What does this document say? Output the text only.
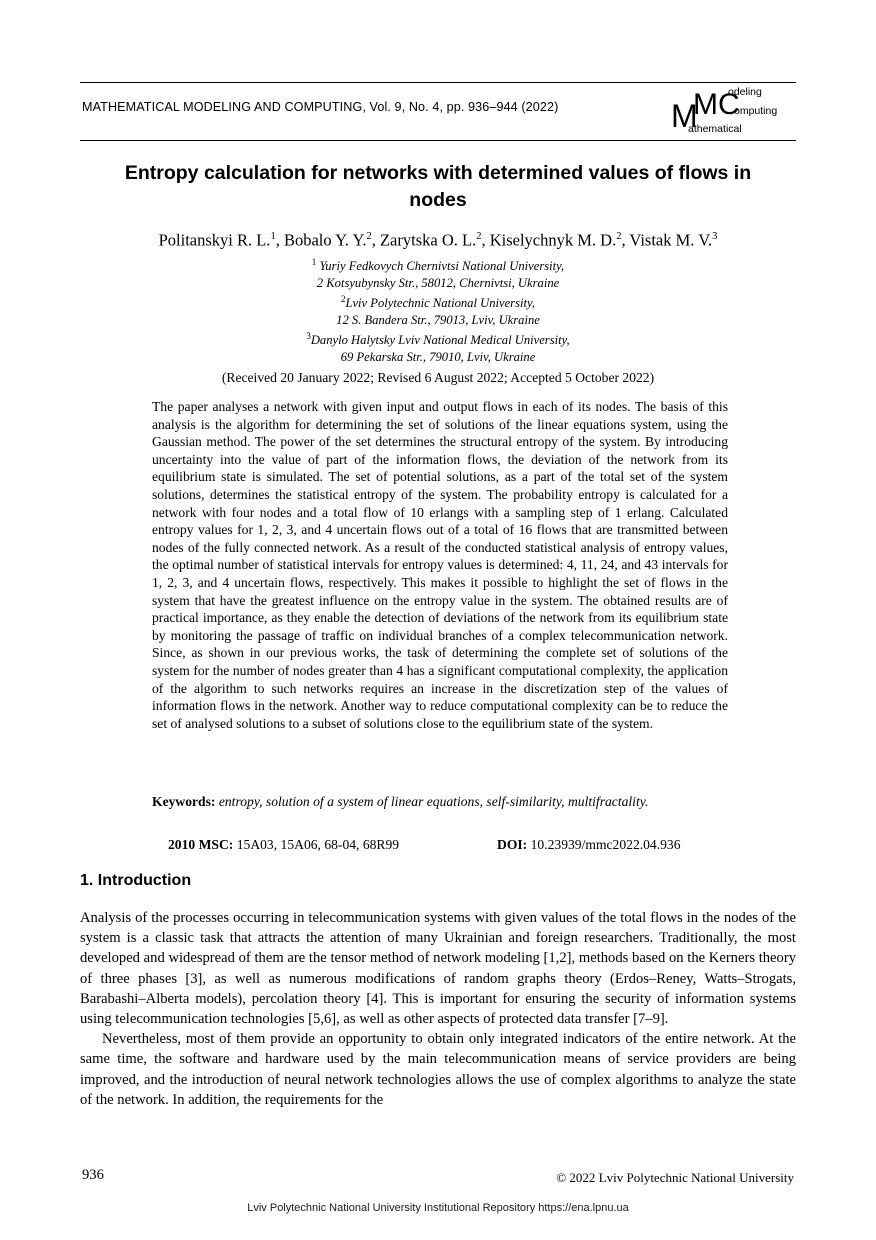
MATHEMATICAL MODELING AND COMPUTING, Vol. 9, No. 4, pp. 936–944 (2022)	M
MC
odeling
omputing
athematical
Entropy calculation for networks with determined values of flows in nodes
Politanskyi R. L.$^1$, Bobalo Y. Y.$^2$, Zarytska O. L.$^2$, Kiselychnyk M. D.$^2$, Vistak M. V.$^3$
$^1$ Yuriy Fedkovych Chernivtsi National University,
2 Kotsyubynsky Str., 58012, Chernivtsi, Ukraine
$^2$Lviv Polytechnic National University,
12 S. Bandera Str., 79013, Lviv, Ukraine
$^3$Danylo Halytsky Lviv National Medical University,
69 Pekarska Str., 79010, Lviv, Ukraine
(Received 20 January 2022; Revised 6 August 2022; Accepted 5 October 2022)
The paper analyses a network with given input and output flows in each of its nodes. The basis of this analysis is the algorithm for determining the set of solutions of the linear equations system, using the Gaussian method. The power of the set determines the structural entropy of the system. By introducing uncertainty into the value of part of the information flows, the deviation of the network from its equilibrium state is simulated. The set of potential solutions, as a part of the total set of the system solutions, determines the statistical entropy of the system. The probability entropy is calculated for a network with four nodes and a total flow of 10 erlangs with a sampling step of 1 erlang. Calculated entropy values for 1, 2, 3, and 4 uncertain flows out of a total of 16 flows that are transmitted between nodes of the fully connected network. As a result of the conducted statistical analysis of entropy values, the optimal number of statistical intervals for entropy values is determined: 4, 11, 24, and 43 intervals for 1, 2, 3, and 4 uncertain flows, respectively. This makes it possible to highlight the set of flows in the system that have the greatest influence on the entropy value in the system. The obtained results are of practical importance, as they enable the detection of deviations of the network from its equilibrium state by monitoring the passage of traffic on individual branches of a complex telecommunication network. Since, as shown in our previous works, the task of determining the complete set of solutions of the system for the number of nodes greater than 4 has a significant computational complexity, the application of the algorithm to such networks requires an increase in the discretization step of the values of information flows in the network. Another way to reduce computational complexity can be to reduce the set of analysed solutions to a subset of solutions close to the equilibrium state of the system.
Keywords: entropy, solution of a system of linear equations, self-similarity, multifractality.
2010 MSC: 15A03, 15A06, 68-04, 68R99	DOI: 10.23939/mmc2022.04.936
1. Introduction

Analysis of the processes occurring in telecommunication systems with given values of the total flows in the nodes of the system is a classic task that attracts the attention of many Ukrainian and foreign researchers. Traditionally, the most developed and widespread of them are the tensor method of network modeling [1,2], methods based on the Kerners theory of three phases [3], as well as numerous modifications of random graphs theory (Erdos–Reney, Watts–Strogats, Barabashi–Alberta models), percolation theory [4]. This is important for ensuring the security of information systems using telecommunication technologies [5,6], as well as other aspects of protected data transfer [7–9].

Nevertheless, most of them provide an opportunity to obtain only integrated indicators of the entire network. At the same time, the software and hardware used by the main telecommunication means of service providers are being improved, and the introduction of neural network technologies allows the use of complex algorithms to analyze the state of the network. In addition, the requirements for the

936	© 2022 Lviv Polytechnic National University
Lviv Polytechnic National University Institutional Repository https://ena.lpnu.ua
